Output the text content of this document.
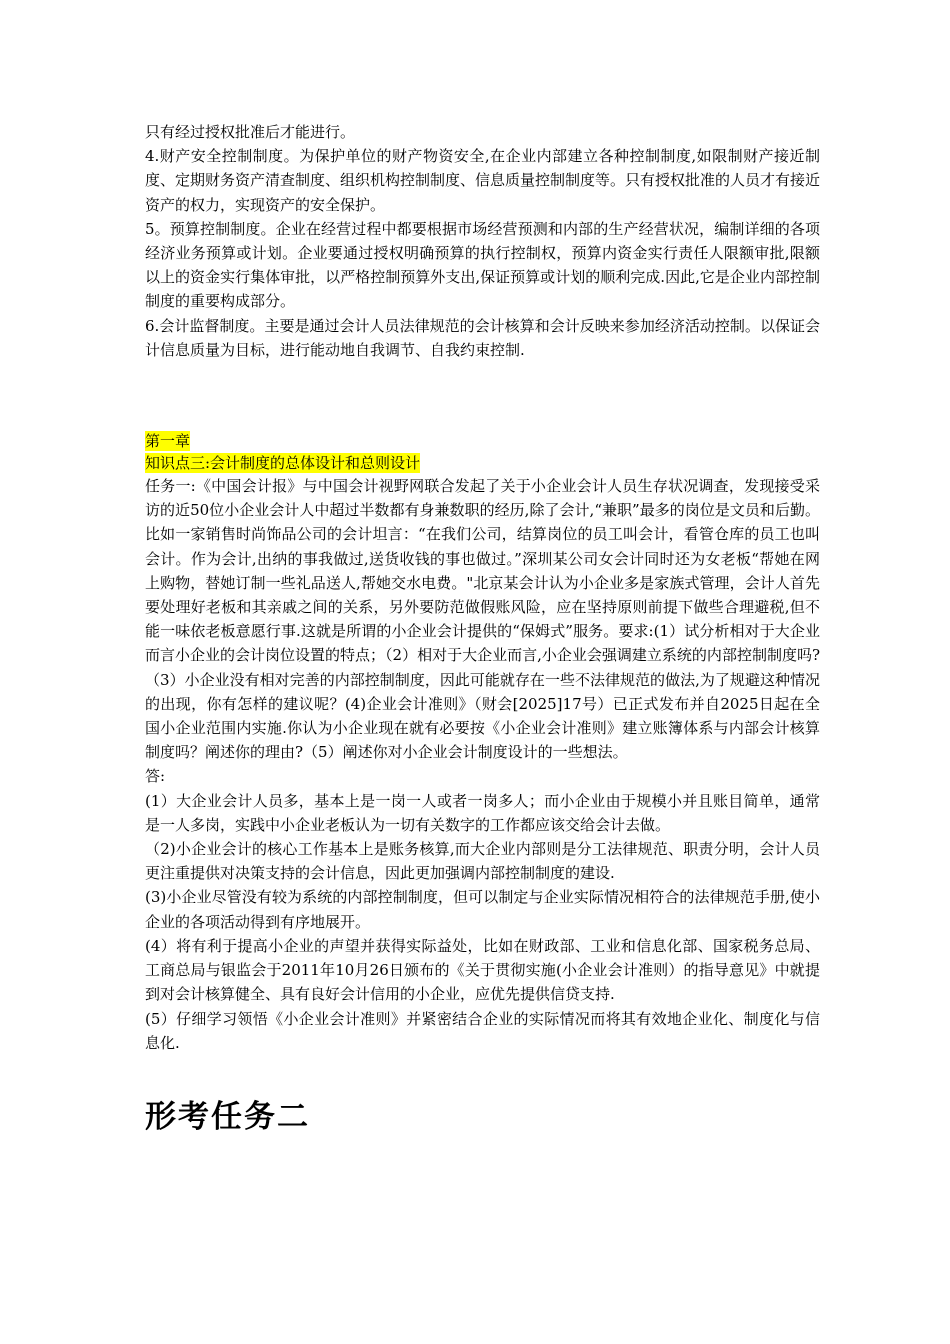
只有经过授权批准后才能进行。

4.财产安全控制制度。为保护单位的财产物资安全,在企业内部建立各种控制制度,如限制财产接近制度、定期财务资产清查制度、组织机构控制制度、信息质量控制制度等。只有授权批准的人员才有接近资产的权力，实现资产的安全保护。

5。预算控制制度。企业在经营过程中都要根据市场经营预测和内部的生产经营状况，编制详细的各项经济业务预算或计划。企业要通过授权明确预算的执行控制权，预算内资金实行责任人限额审批,限额以上的资金实行集体审批，以严格控制预算外支出,保证预算或计划的顺利完成.因此,它是企业内部控制制度的重要构成部分。

6.会计监督制度。主要是通过会计人员法律规范的会计核算和会计反映来参加经济活动控制。以保证会计信息质量为目标，进行能动地自我调节、自我约束控制.

第一章

知识点三:会计制度的总体设计和总则设计

任务一:《中国会计报》与中国会计视野网联合发起了关于小企业会计人员生存状况调查，发现接受采访的近50位小企业会计人中超过半数都有身兼数职的经历,除了会计,“兼职”最多的岗位是文员和后勤。比如一家销售时尚饰品公司的会计坦言：“在我们公司，结算岗位的员工叫会计，看管仓库的员工也叫会计。作为会计,出纳的事我做过,送货收钱的事也做过。”深圳某公司女会计同时还为女老板“帮她在网上购物，替她订制一些礼品送人,帮她交水电费。"北京某会计认为小企业多是家族式管理，会计人首先要处理好老板和其亲戚之间的关系，另外要防范做假账风险，应在坚持原则前提下做些合理避税,但不能一味依老板意愿行事.这就是所谓的小企业会计提供的“保姆式”服务。要求:(1）试分析相对于大企业而言小企业的会计岗位设置的特点；（2）相对于大企业而言,小企业会强调建立系统的内部控制制度吗?（3）小企业没有相对完善的内部控制制度，因此可能就存在一些不法律规范的做法,为了规避这种情况的出现，你有怎样的建议呢？(4)企业会计准则》（财会[2025]17号）已正式发布并自2025日起在全国小企业范围内实施.你认为小企业现在就有必要按《小企业会计准则》建立账簿体系与内部会计核算制度吗？阐述你的理由?（5）阐述你对小企业会计制度设计的一些想法。

答:

(1）大企业会计人员多，基本上是一岗一人或者一岗多人；而小企业由于规模小并且账目简单，通常是一人多岗，实践中小企业老板认为一切有关数字的工作都应该交给会计去做。

（2)小企业会计的核心工作基本上是账务核算,而大企业内部则是分工法律规范、职责分明，会计人员更注重提供对决策支持的会计信息，因此更加强调内部控制制度的建设.

(3)小企业尽管没有较为系统的内部控制制度，但可以制定与企业实际情况相符合的法律规范手册,使小企业的各项活动得到有序地展开。

(4）将有利于提高小企业的声望并获得实际益处，比如在财政部、工业和信息化部、国家税务总局、工商总局与银监会于2011年10月26日颁布的《关于贯彻实施(小企业会计准则）的指导意见》中就提到对会计核算健全、具有良好会计信用的小企业，应优先提供信贷支持.

(5）仔细学习领悟《小企业会计准则》并紧密结合企业的实际情况而将其有效地企业化、制度化与信息化.

形考任务二
